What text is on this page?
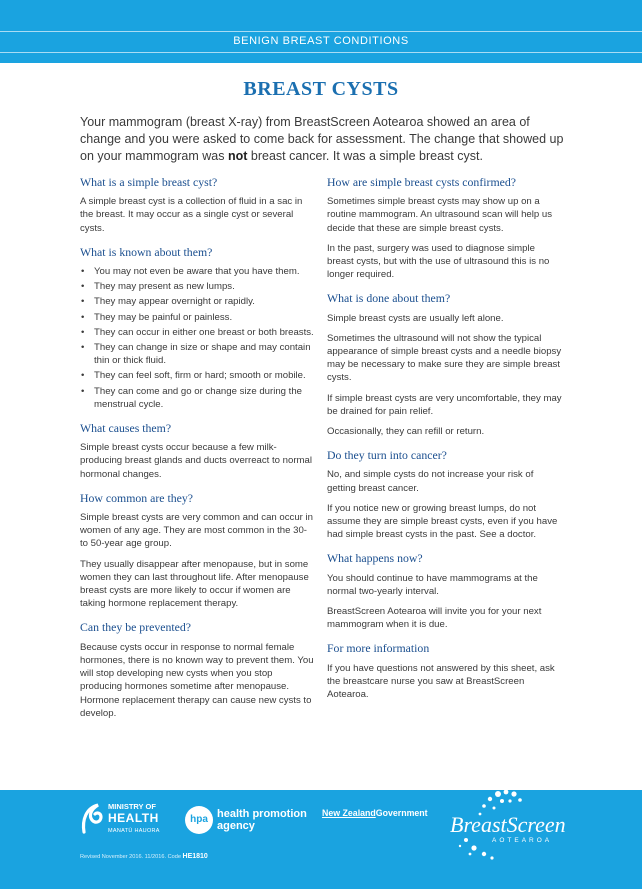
BENIGN BREAST CONDITIONS
BREAST CYSTS
Your mammogram (breast X-ray) from BreastScreen Aotearoa showed an area of change and you were asked to come back for assessment. The change that showed up on your mammogram was not breast cancer. It was a simple breast cyst.
What is a simple breast cyst?

A simple breast cyst is a collection of fluid in a sac in the breast. It may occur as a single cyst or several cysts.

What is known about them?
• You may not even be aware that you have them.
• They may present as new lumps.
• They may appear overnight or rapidly.
• They may be painful or painless.
• They can occur in either one breast or both breasts.
• They can change in size or shape and may contain thin or thick fluid.
• They can feel soft, firm or hard; smooth or mobile.
• They can come and go or change size during the menstrual cycle.
What causes them?

Simple breast cysts occur because a few milk-producing breast glands and ducts overreact to normal hormonal changes.

How common are they?

Simple breast cysts are very common and can occur in women of any age. They are most common in the 30- to 50-year age group.

They usually disappear after menopause, but in some women they can last throughout life. After menopause breast cysts are more likely to occur if women are taking hormone replacement therapy.

Can they be prevented?

Because cysts occur in response to normal female hormones, there is no known way to prevent them. You will stop developing new cysts when you stop producing hormones sometime after menopause. Hormone replacement therapy can cause new cysts to develop.

How are simple breast cysts confirmed?

Sometimes simple breast cysts may show up on a routine mammogram. An ultrasound scan will help us decide that these are simple breast cysts.

In the past, surgery was used to diagnose simple breast cysts, but with the use of ultrasound this is no longer required.

What is done about them?

Simple breast cysts are usually left alone.

Sometimes the ultrasound will not show the typical appearance of simple breast cysts and a needle biopsy may be necessary to make sure they are simple breast cysts.

If simple breast cysts are very uncomfortable, they may be drained for pain relief.

Occasionally, they can refill or return.

Do they turn into cancer?

No, and simple cysts do not increase your risk of getting breast cancer.

If you notice new or growing breast lumps, do not assume they are simple breast cysts, even if you have had simple breast cysts in the past. See a doctor.

What happens now?

You should continue to have mammograms at the normal two-yearly interval.

BreastScreen Aotearoa will invite you for your next mammogram when it is due.

For more information

If you have questions not answered by this sheet, ask the breastcare nurse you saw at BreastScreen Aotearoa.

MINISTRY OF
HEALTH
MANATŪ HAUORA
hpa health promotion
agency
New ZealandGovernment BreastScreen
AOTEAROA
Revised November 2016. 11/2016. Code HE1810
